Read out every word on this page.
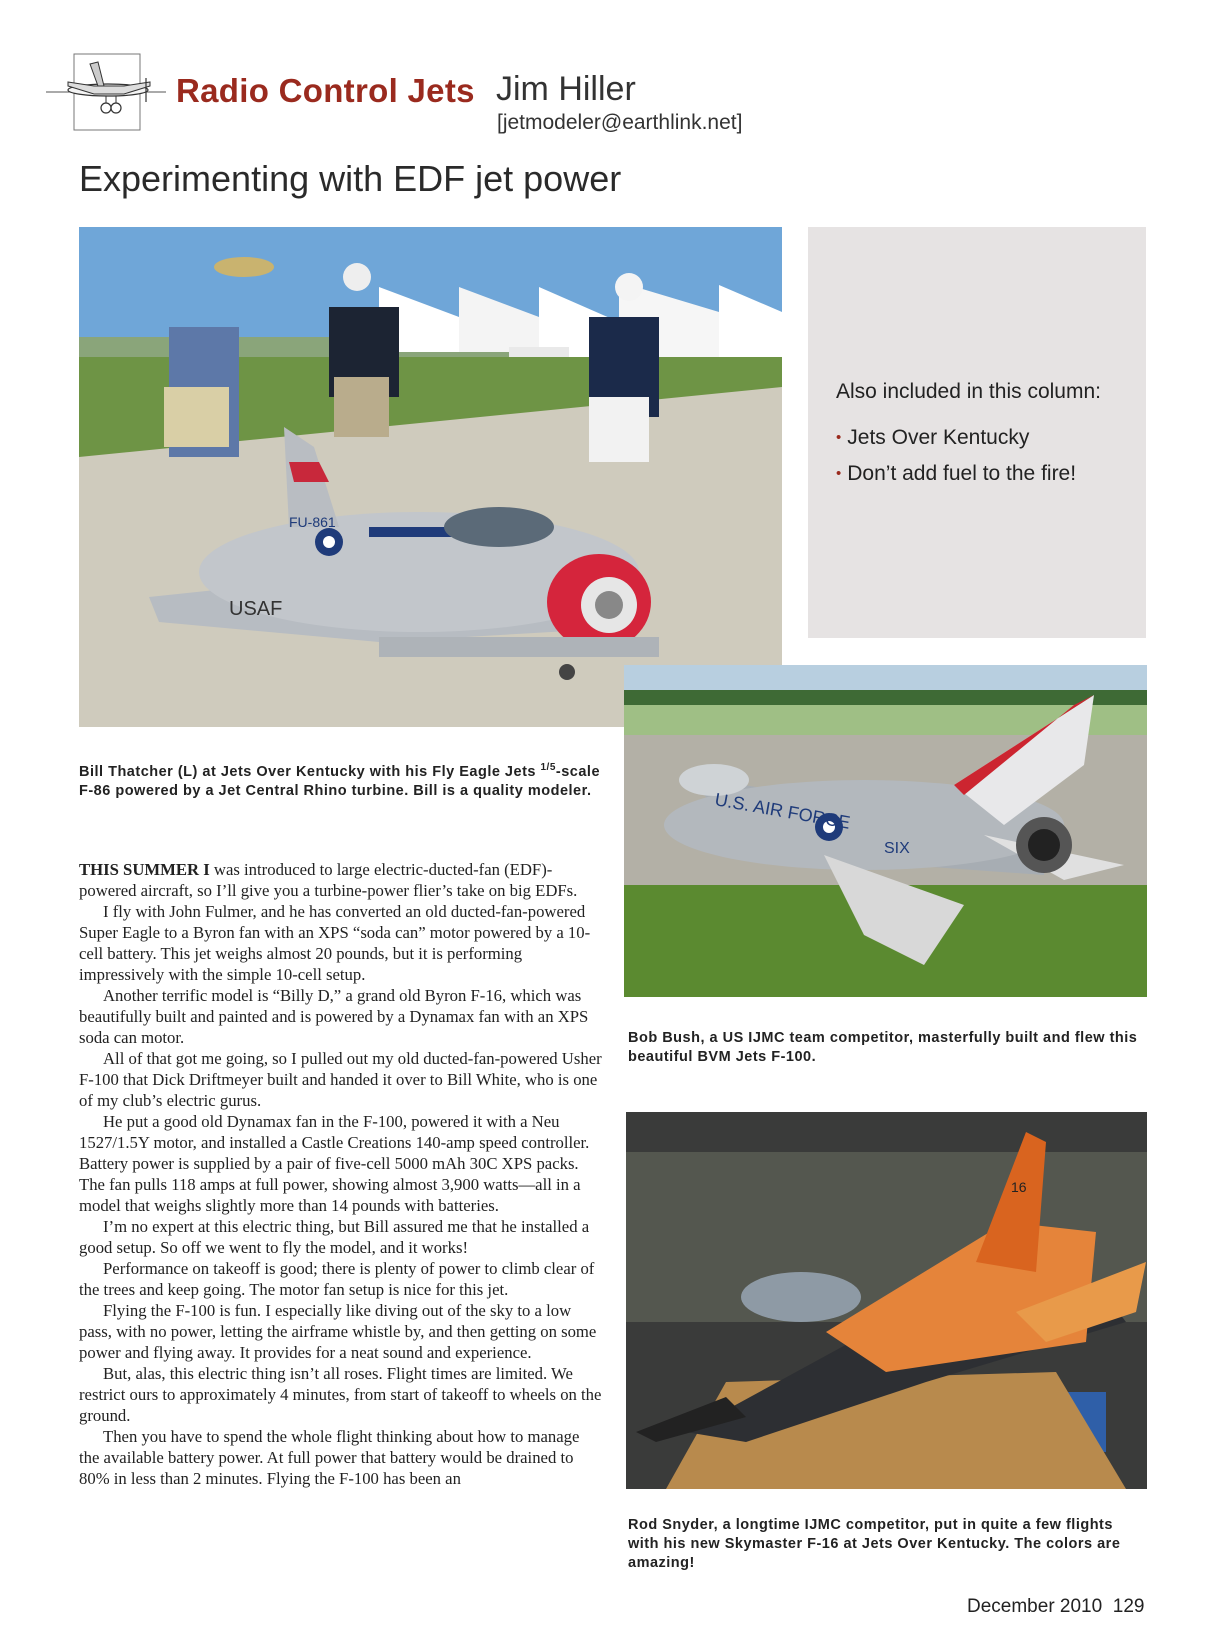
Radio Control Jets Jim Hiller
[jetmodeler@earthlink.net]
Experimenting with EDF jet power
FU-861
USAF
Also included in this column:
• Jets Over Kentucky
• Don’t add fuel to the fire!
Bill Thatcher (L) at Jets Over Kentucky with his Fly Eagle Jets $^{1/5}$-scale F-86 powered by a Jet Central Rhino turbine. Bill is a quality modeler.	U.S. AIR FORCE
SIX
Bob Bush, a US IJMC team competitor, masterfully built and flew this beautiful BVM Jets F-100.
16
Rod Snyder, a longtime IJMC competitor, put in quite a few flights with his new Skymaster F-16 at Jets Over Kentucky. The colors are amazing!

THIS SUMMER I was introduced to large electric-ducted-fan (EDF)-powered aircraft, so I’ll give you a turbine-power flier’s take on big EDFs.

I fly with John Fulmer, and he has converted an old ducted-fan-powered Super Eagle to a Byron fan with an XPS “soda can” motor powered by a 10-cell battery. This jet weighs almost 20 pounds, but it is performing impressively with the simple 10-cell setup.

Another terrific model is “Billy D,” a grand old Byron F-16, which was beautifully built and painted and is powered by a Dynamax fan with an XPS soda can motor.

All of that got me going, so I pulled out my old ducted-fan-powered Usher F-100 that Dick Driftmeyer built and handed it over to Bill White, who is one of my club’s electric gurus.

He put a good old Dynamax fan in the F-100, powered it with a Neu 1527/1.5Y motor, and installed a Castle Creations 140-amp speed controller. Battery power is supplied by a pair of five-cell 5000 mAh 30C XPS packs. The fan pulls 118 amps at full power, showing almost 3,900 watts—all in a model that weighs slightly more than 14 pounds with batteries.

I’m no expert at this electric thing, but Bill assured me that he installed a good setup. So off we went to fly the model, and it works!

Performance on takeoff is good; there is plenty of power to climb clear of the trees and keep going. The motor fan setup is nice for this jet.

Flying the F-100 is fun. I especially like diving out of the sky to a low pass, with no power, letting the airframe whistle by, and then getting on some power and flying away. It provides for a neat sound and experience.

But, alas, this electric thing isn’t all roses. Flight times are limited. We restrict ours to approximately 4 minutes, from start of takeoff to wheels on the ground.

Then you have to spend the whole flight thinking about how to manage the available battery power. At full power that battery would be drained to 80% in less than 2 minutes. Flying the F-100 has been an

December 2010 129
